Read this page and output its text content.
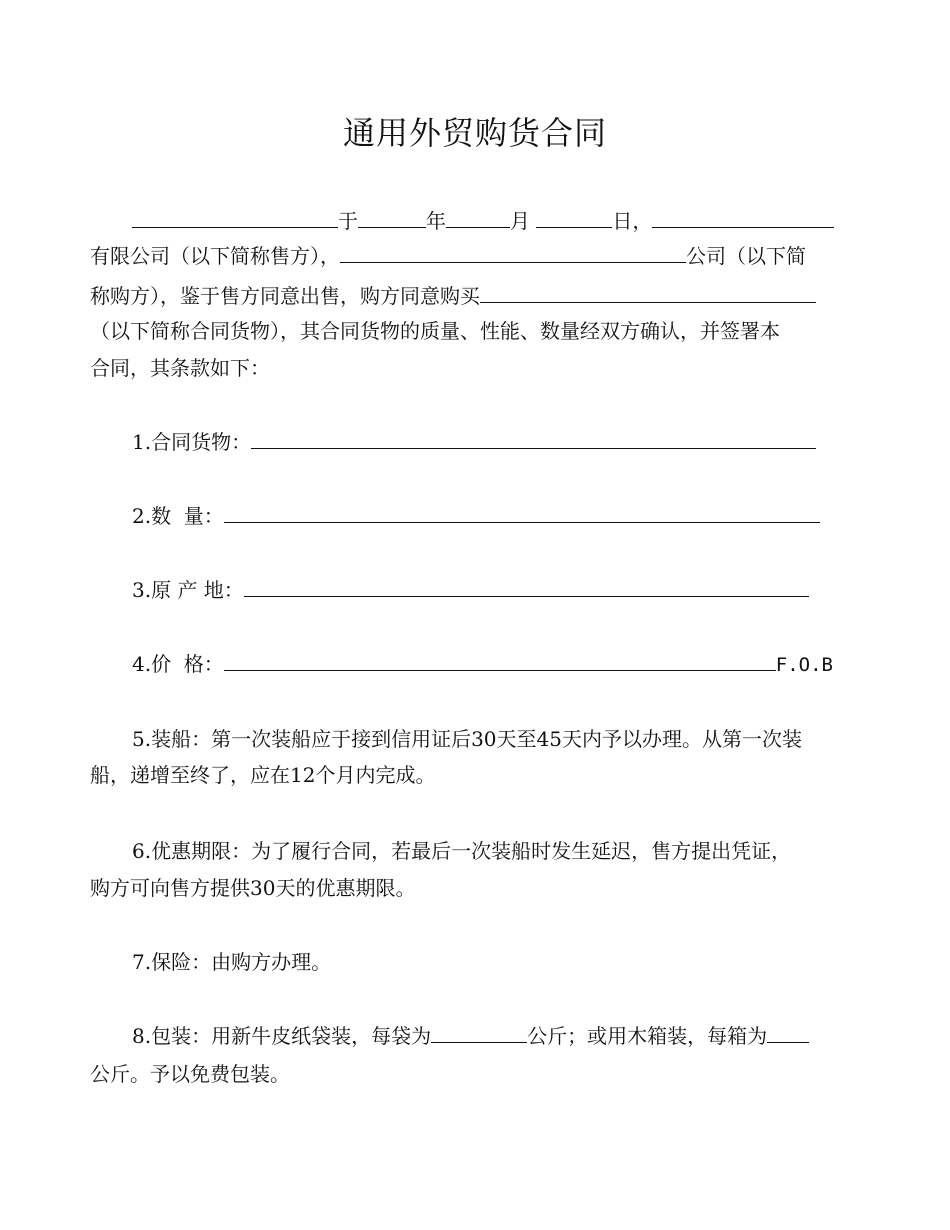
通用外贸购货合同
于	年	月	日，
有限公司（以下简称售方），	公司（以下简
称购方），鉴于售方同意出售，购方同意购买
（以下简称合同货物），其合同货物的质量、性能、数量经双方确认，并签署本
合同，其条款如下：
1.合同货物：
2.数  量：
3.原 产 地：
4.价  格：	F.O.B
5.装船：第一次装船应于接到信用证后30天至45天内予以办理。从第一次装
船，递增至终了，应在12个月内完成。
6.优惠期限：为了履行合同，若最后一次装船时发生延迟，售方提出凭证，
购方可向售方提供30天的优惠期限。
7.保险：由购方办理。
8.包装：用新牛皮纸袋装，每袋为	公斤；或用木箱装，每箱为
公斤。予以免费包装。
